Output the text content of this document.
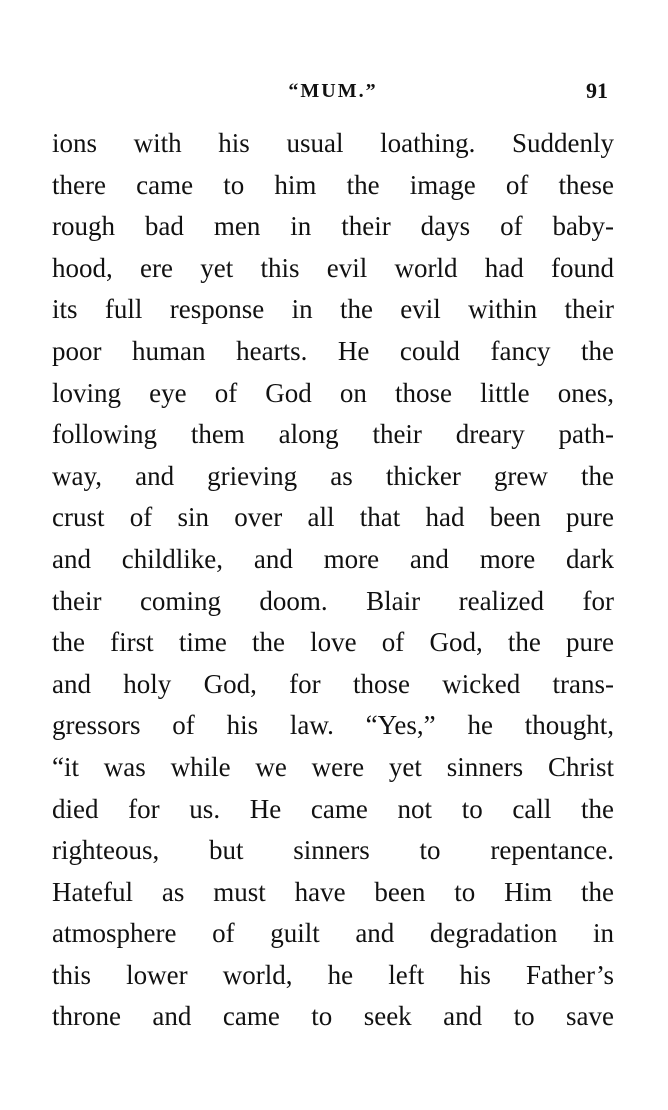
“MUM.”	91
ions with his usual loathing. Suddenly
there came to him the image of these
rough bad men in their days of baby-
hood, ere yet this evil world had found
its full response in the evil within their
poor human hearts. He could fancy the
loving eye of God on those little ones,
following them along their dreary path-
way, and grieving as thicker grew the
crust of sin over all that had been pure
and childlike, and more and more dark
their coming doom. Blair realized for
the first time the love of God, the pure
and holy God, for those wicked trans-
gressors of his law. “Yes,” he thought,
“it was while we were yet sinners Christ
died for us. He came not to call the
righteous, but sinners to repentance.
Hateful as must have been to Him the
atmosphere of guilt and degradation in
this lower world, he left his Father’s
throne and came to seek and to save
